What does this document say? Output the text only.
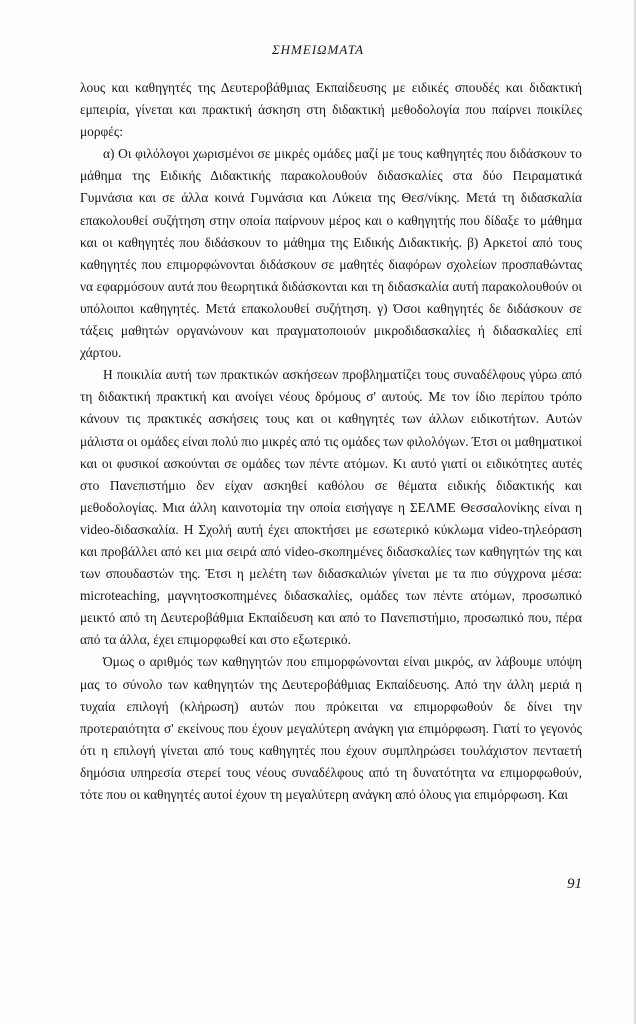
ΣΗΜΕΙΩΜΑΤΑ

λους και καθηγητές της Δευτεροβάθμιας Εκπαίδευσης με ειδικές σπουδές και διδακτική εμπειρία, γίνεται και πρακτική άσκηση στη διδακτική μεθοδολογία που παίρνει ποικίλες μορφές:

α) Οι φιλόλογοι χωρισμένοι σε μικρές ομάδες μαζί με τους καθηγητές που διδάσκουν το μάθημα της Ειδικής Διδακτικής παρακολουθούν διδασκαλίες στα δύο Πειραματικά Γυμνάσια και σε άλλα κοινά Γυμνάσια και Λύκεια της Θεσ/νίκης. Μετά τη διδασκαλία επακολουθεί συζήτηση στην οποία παίρνουν μέρος και ο καθηγητής που δίδαξε το μάθημα και οι καθηγητές που διδάσκουν το μάθημα της Ειδικής Διδακτικής. β) Αρκετοί από τους καθηγητές που επιμορφώνονται διδάσκουν σε μαθητές διαφόρων σχολείων προσπαθώντας να εφαρμόσουν αυτά που θεωρητικά διδάσκονται και τη διδασκαλία αυτή παρακολουθούν οι υπόλοιποι καθηγητές. Μετά επακολουθεί συζήτηση. γ) Όσοι καθηγητές δε διδάσκουν σε τάξεις μαθητών οργανώνουν και πραγματοποιούν μικροδιδασκαλίες ή διδασκαλίες επί χάρτου.

Η ποικιλία αυτή των πρακτικών ασκήσεων προβληματίζει τους συναδέλφους γύρω από τη διδακτική πρακτική και ανοίγει νέους δρόμους σ' αυτούς. Με τον ίδιο περίπου τρόπο κάνουν τις πρακτικές ασκήσεις τους και οι καθηγητές των άλλων ειδικοτήτων. Αυτών μάλιστα οι ομάδες είναι πολύ πιο μικρές από τις ομάδες των φιλολόγων. Έτσι οι μαθηματικοί και οι φυσικοί ασκούνται σε ομάδες των πέντε ατόμων. Κι αυτό γιατί οι ειδικότητες αυτές στο Πανεπιστήμιο δεν είχαν ασκηθεί καθόλου σε θέματα ειδικής διδακτικής και μεθοδολογίας. Μια άλλη καινοτομία την οποία εισήγαγε η ΣΕΛΜΕ Θεσσαλονίκης είναι η video-διδασκαλία. Η Σχολή αυτή έχει αποκτήσει με εσωτερικό κύκλωμα video-τηλεόραση και προβάλλει από κει μια σειρά από video-σκοπημένες διδασκαλίες των καθηγητών της και των σπουδαστών της. Έτσι η μελέτη των διδασκαλιών γίνεται με τα πιο σύγχρονα μέσα: microteaching, μαγνητοσκοπημένες διδασκαλίες, ομάδες των πέντε ατόμων, προσωπικό μεικτό από τη Δευτεροβάθμια Εκπαίδευση και από το Πανεπιστήμιο, προσωπικό που, πέρα από τα άλλα, έχει επιμορφωθεί και στο εξωτερικό.

Όμως ο αριθμός των καθηγητών που επιμορφώνονται είναι μικρός, αν λάβουμε υπόψη μας το σύνολο των καθηγητών της Δευτεροβάθμιας Εκπαίδευσης. Από την άλλη μεριά η τυχαία επιλογή (κλήρωση) αυτών που πρόκειται να επιμορφωθούν δε δίνει την προτεραιότητα σ' εκείνους που έχουν μεγαλύτερη ανάγκη για επιμόρφωση. Γιατί το γεγονός ότι η επιλογή γίνεται από τους καθηγητές που έχουν συμπληρώσει τουλάχιστον πενταετή δημόσια υπηρεσία στερεί τους νέους συναδέλφους από τη δυνατότητα να επιμορφωθούν, τότε που οι καθηγητές αυτοί έχουν τη μεγαλύτερη ανάγκη από όλους για επιμόρφωση. Και

91
